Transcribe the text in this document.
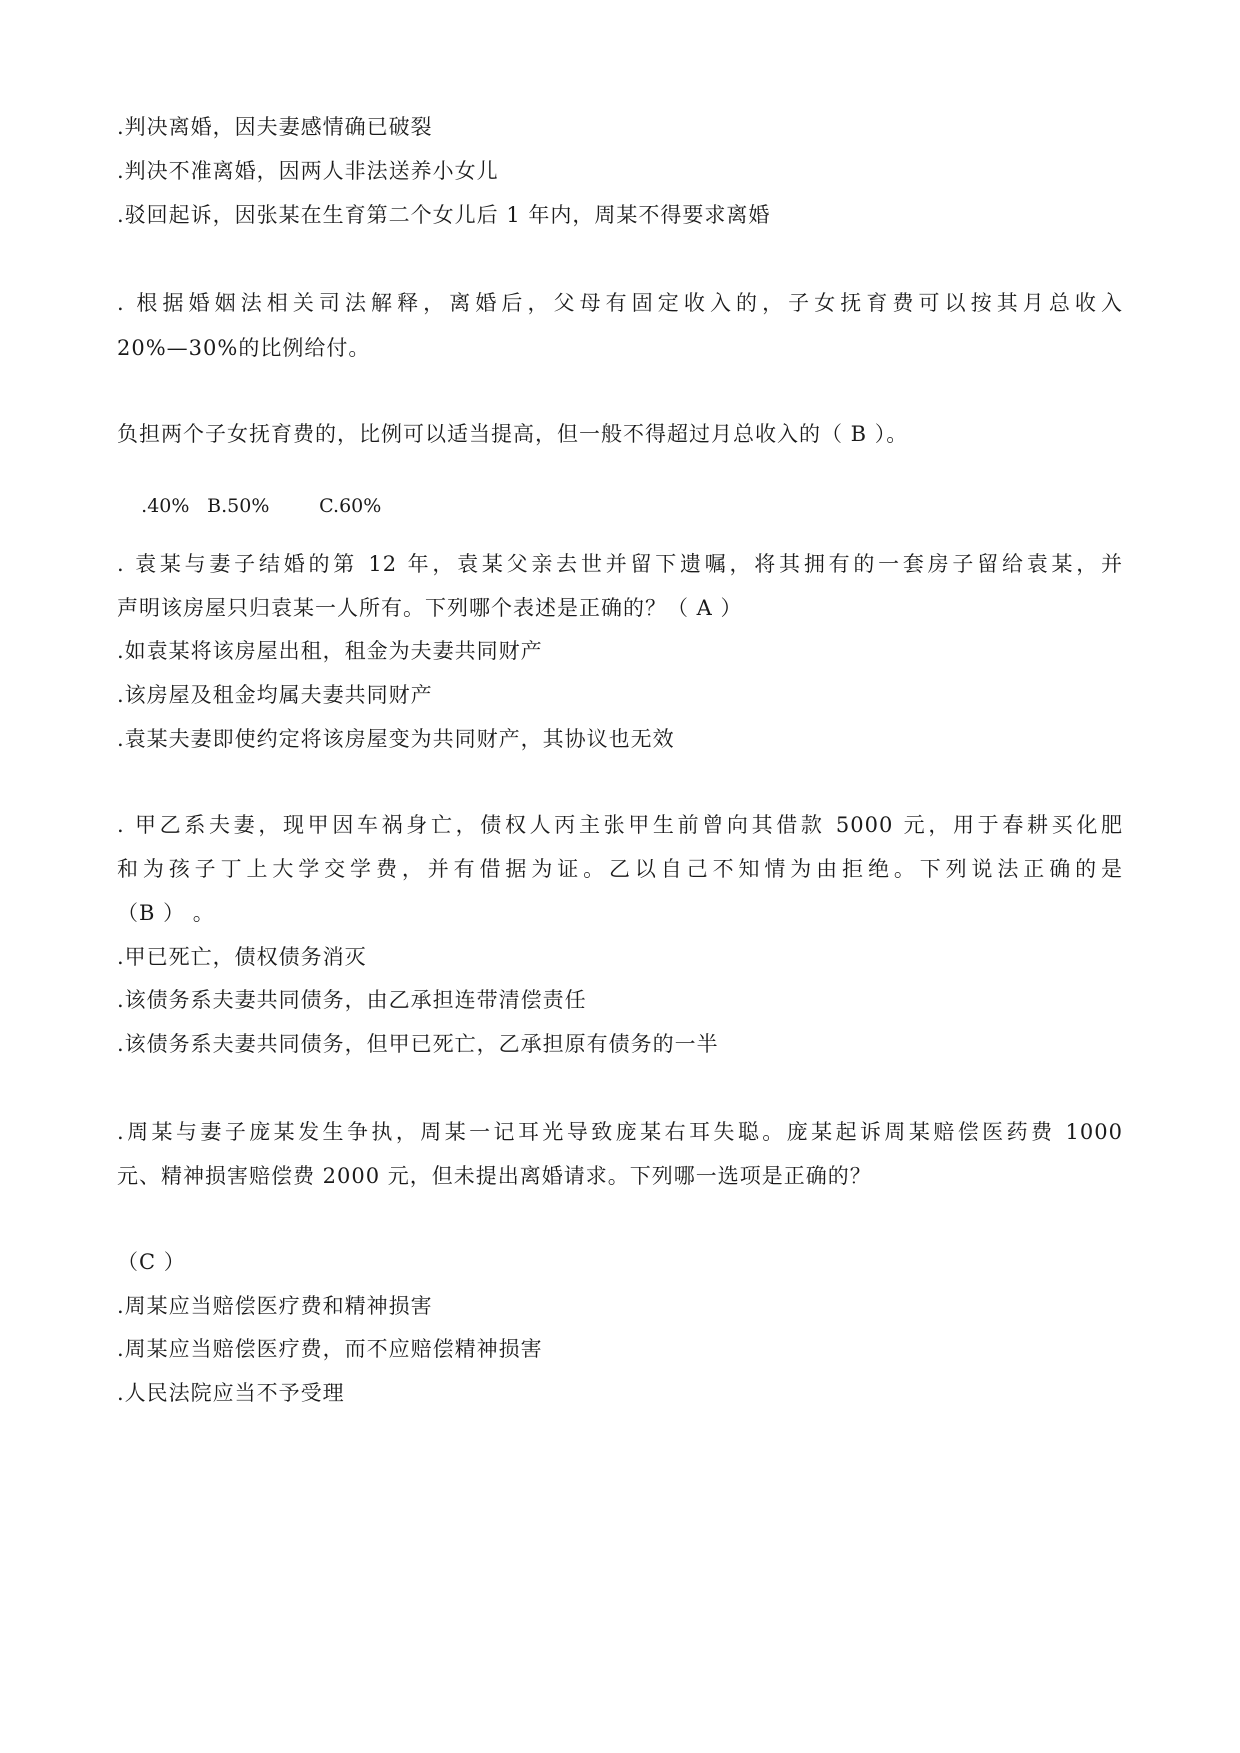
.判决离婚，因夫妻感情确已破裂
.判决不准离婚，因两人非法送养小女儿
.驳回起诉，因张某在生育第二个女儿后 1 年内，周某不得要求离婚
. 根据婚姻法相关司法解释，离婚后，父母有固定收入的，子女抚育费可以按其月总收入
20%—30%的比例给付。
负担两个子女抚育费的，比例可以适当提高，但一般不得超过月总收入的（ B ）。

.40% B.50%	C.60%

. 袁某与妻子结婚的第 12 年，袁某父亲去世并留下遗嘱，将其拥有的一套房子留给袁某，并
声明该房屋只归袁某一人所有。下列哪个表述是正确的？（ A ）
.如袁某将该房屋出租，租金为夫妻共同财产
.该房屋及租金均属夫妻共同财产
.袁某夫妻即使约定将该房屋变为共同财产，其协议也无效
. 甲乙系夫妻，现甲因车祸身亡，债权人丙主张甲生前曾向其借款 5000 元，用于春耕买化肥
和为孩子丁上大学交学费，并有借据为证。乙以自己不知情为由拒绝。下列说法正确的是
（B ） 。
.甲已死亡，债权债务消灭
.该债务系夫妻共同债务，由乙承担连带清偿责任
.该债务系夫妻共同债务，但甲已死亡，乙承担原有债务的一半
.周某与妻子庞某发生争执，周某一记耳光导致庞某右耳失聪。庞某起诉周某赔偿医药费 1000
元、精神损害赔偿费 2000 元，但未提出离婚请求。下列哪一选项是正确的？
（C ）
.周某应当赔偿医疗费和精神损害
.周某应当赔偿医疗费，而不应赔偿精神损害
.人民法院应当不予受理
